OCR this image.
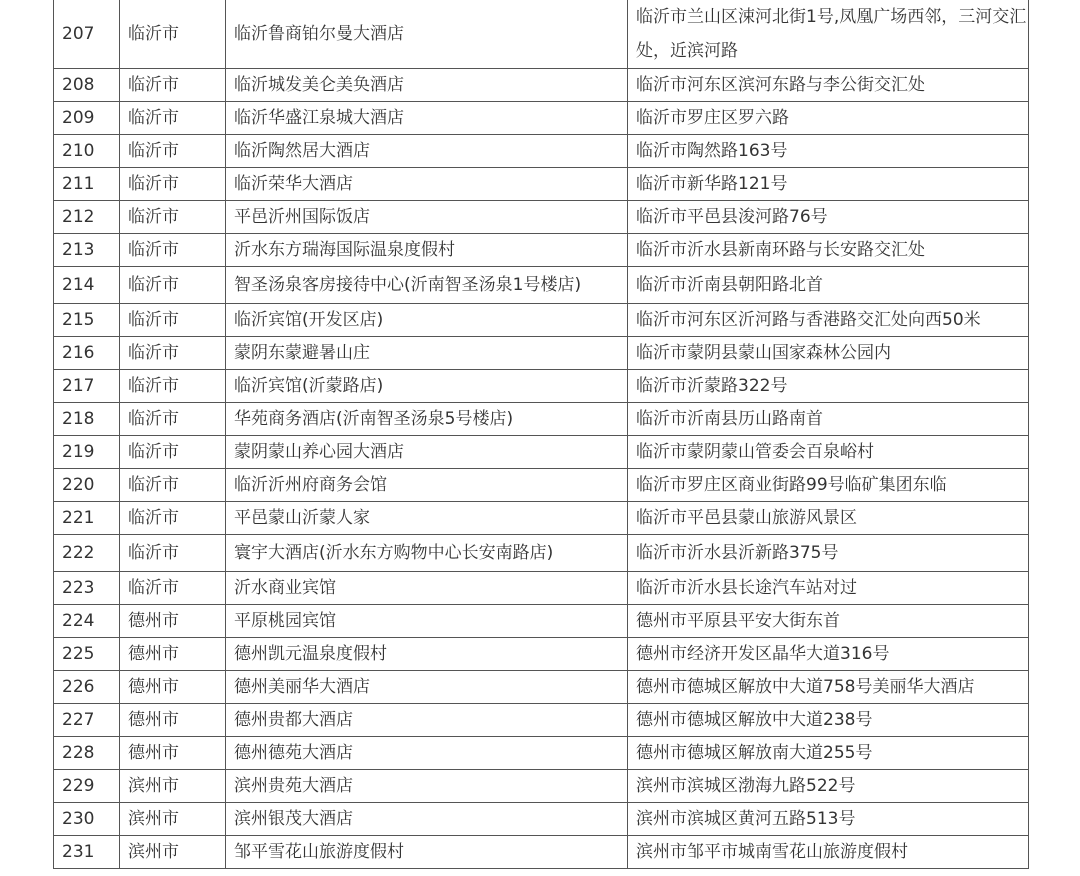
207	临沂市	临沂鲁商铂尔曼大酒店	临沂市兰山区涑河北街1号,凤凰广场西邻，三河交汇处，近滨河路
208	临沂市	临沂城发美仑美奂酒店	临沂市河东区滨河东路与李公街交汇处
209	临沂市	临沂华盛江泉城大酒店	临沂市罗庄区罗六路
210	临沂市	临沂陶然居大酒店	临沂市陶然路163号
211	临沂市	临沂荣华大酒店	临沂市新华路121号
212	临沂市	平邑沂州国际饭店	临沂市平邑县浚河路76号
213	临沂市	沂水东方瑞海国际温泉度假村	临沂市沂水县新南环路与长安路交汇处
214	临沂市	智圣汤泉客房接待中心(沂南智圣汤泉1号楼店)	临沂市沂南县朝阳路北首
215	临沂市	临沂宾馆(开发区店)	临沂市河东区沂河路与香港路交汇处向西50米
216	临沂市	蒙阴东蒙避暑山庄	临沂市蒙阴县蒙山国家森林公园内
217	临沂市	临沂宾馆(沂蒙路店)	临沂市沂蒙路322号
218	临沂市	华苑商务酒店(沂南智圣汤泉5号楼店)	临沂市沂南县历山路南首
219	临沂市	蒙阴蒙山养心园大酒店	临沂市蒙阴蒙山管委会百泉峪村
220	临沂市	临沂沂州府商务会馆	临沂市罗庄区商业街路99号临矿集团东临
221	临沂市	平邑蒙山沂蒙人家	临沂市平邑县蒙山旅游风景区
222	临沂市	寰宇大酒店(沂水东方购物中心长安南路店)	临沂市沂水县沂新路375号
223	临沂市	沂水商业宾馆	临沂市沂水县长途汽车站对过
224	德州市	平原桃园宾馆	德州市平原县平安大街东首
225	德州市	德州凯元温泉度假村	德州市经济开发区晶华大道316号
226	德州市	德州美丽华大酒店	德州市德城区解放中大道758号美丽华大酒店
227	德州市	德州贵都大酒店	德州市德城区解放中大道238号
228	德州市	德州德苑大酒店	德州市德城区解放南大道255号
229	滨州市	滨州贵苑大酒店	滨州市滨城区渤海九路522号
230	滨州市	滨州银茂大酒店	滨州市滨城区黄河五路513号
231	滨州市	邹平雪花山旅游度假村	滨州市邹平市城南雪花山旅游度假村
